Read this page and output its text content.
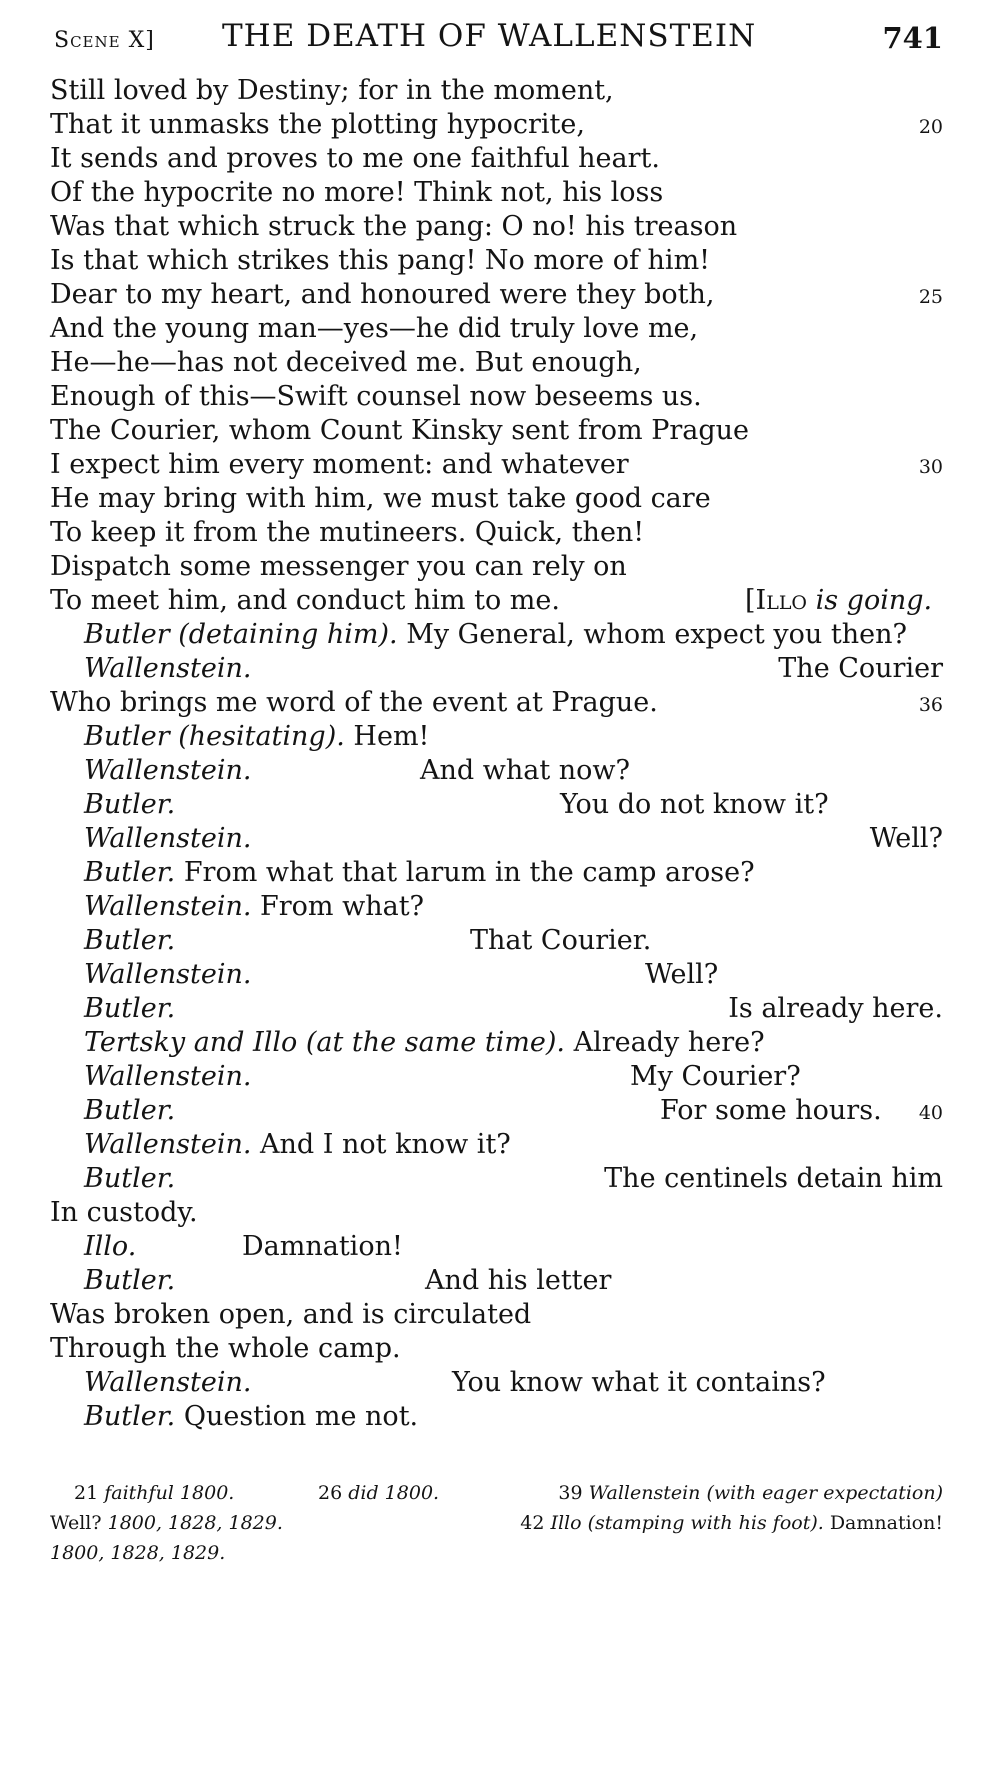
Scene X] THE DEATH OF WALLENSTEIN	741
Still loved by Destiny; for in the moment,
That it unmasks the plotting hypocrite,	20
It sends and proves to me one faithful heart.
Of the hypocrite no more! Think not, his loss
Was that which struck the pang: O no! his treason
Is that which strikes this pang! No more of him!
Dear to my heart, and honoured were they both,	25
And the young man—yes—he did truly love me,
He—he—has not deceived me. But enough,
Enough of this—Swift counsel now beseems us.
The Courier, whom Count Kinsky sent from Prague
I expect him every moment: and whatever	30
He may bring with him, we must take good care
To keep it from the mutineers. Quick, then!
Dispatch some messenger you can rely on
To meet him, and conduct him to me.	[Illo is going.
Butler (detaining him). My General, whom expect you then?
Wallenstein.	The Courier
Who brings me word of the event at Prague.	36
Butler (hesitating). Hem!
Wallenstein.	And what now?
Butler.	You do not know it?
Wallenstein.	Well?
Butler. From what that larum in the camp arose?
Wallenstein. From what?
Butler.	That Courier.
Wallenstein.	Well?
Butler.	Is already here.
Tertsky and Illo (at the same time). Already here?
Wallenstein.	My Courier?
Butler.	For some hours. 40
Wallenstein. And I not know it?
Butler.	The centinels detain him
In custody.
Illo.	Damnation!
Butler.	And his letter
Was broken open, and is circulated
Through the whole camp.
Wallenstein.	You know what it contains?
Butler. Question me not.
21 faithful 1800.	26 did 1800.	39 Wallenstein (with eager expectation)
Well? 1800, 1828, 1829.	42 Illo (stamping with his foot). Damnation!
1800, 1828, 1829.
